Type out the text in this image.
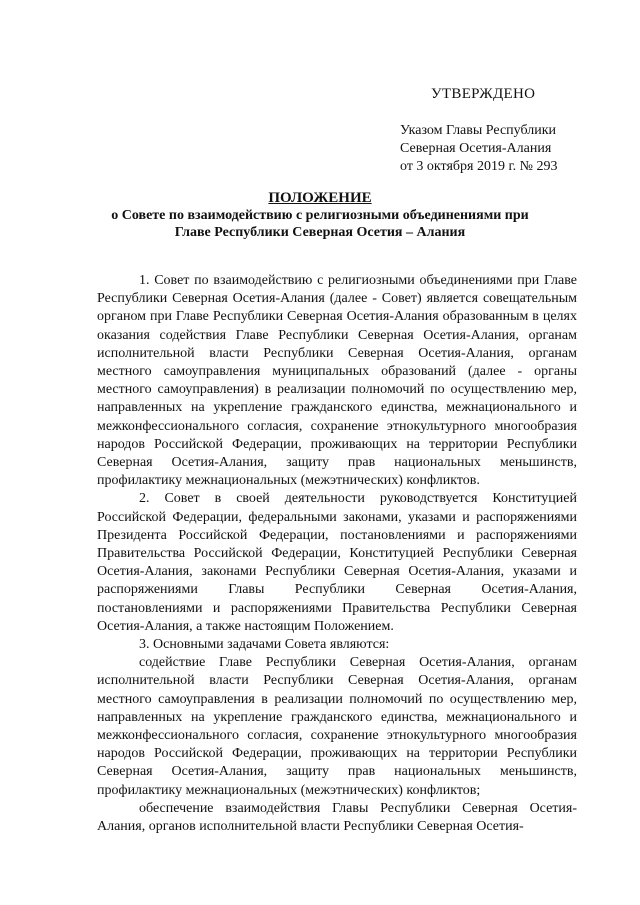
УТВЕРЖДЕНО
Указом Главы Республики
Северная Осетия-Алания
от 3 октября 2019 г. № 293
ПОЛОЖЕНИЕ
о Совете по взаимодействию с религиозными объединениями при
Главе Республики Северная Осетия – Алания

1. Совет по взаимодействию с религиозными объединениями при Главе Республики Северная Осетия-Алания (далее - Совет) является совещательным органом при Главе Республики Северная Осетия-Алания образованным в целях оказания содействия Главе Республики Северная Осетия-Алания, органам исполнительной власти Республики Северная Осетия-Алания, органам местного самоуправления муниципальных образований (далее - органы местного самоуправления) в реализации полномочий по осуществлению мер, направленных на укрепление гражданского единства, межнационального и межконфессионального согласия, сохранение этнокультурного многообразия народов Российской Федерации, проживающих на территории Республики Северная Осетия-Алания, защиту прав национальных меньшинств, профилактику межнациональных (межэтнических) конфликтов.

2. Совет в своей деятельности руководствуется Конституцией Российской Федерации, федеральными законами, указами и распоряжениями Президента Российской Федерации, постановлениями и распоряжениями Правительства Российской Федерации, Конституцией Республики Северная Осетия-Алания, законами Республики Северная Осетия-Алания, указами и распоряжениями Главы Республики Северная Осетия-Алания, постановлениями и распоряжениями Правительства Республики Северная Осетия-Алания, а также настоящим Положением.

3. Основными задачами Совета являются:

содействие Главе Республики Северная Осетия-Алания, органам исполнительной власти Республики Северная Осетия-Алания, органам местного самоуправления в реализации полномочий по осуществлению мер, направленных на укрепление гражданского единства, межнационального и межконфессионального согласия, сохранение этнокультурного многообразия народов Российской Федерации, проживающих на территории Республики Северная Осетия-Алания, защиту прав национальных меньшинств, профилактику межнациональных (межэтнических) конфликтов;

обеспечение взаимодействия Главы Республики Северная Осетия-Алания, органов исполнительной власти Республики Северная Осетия-
